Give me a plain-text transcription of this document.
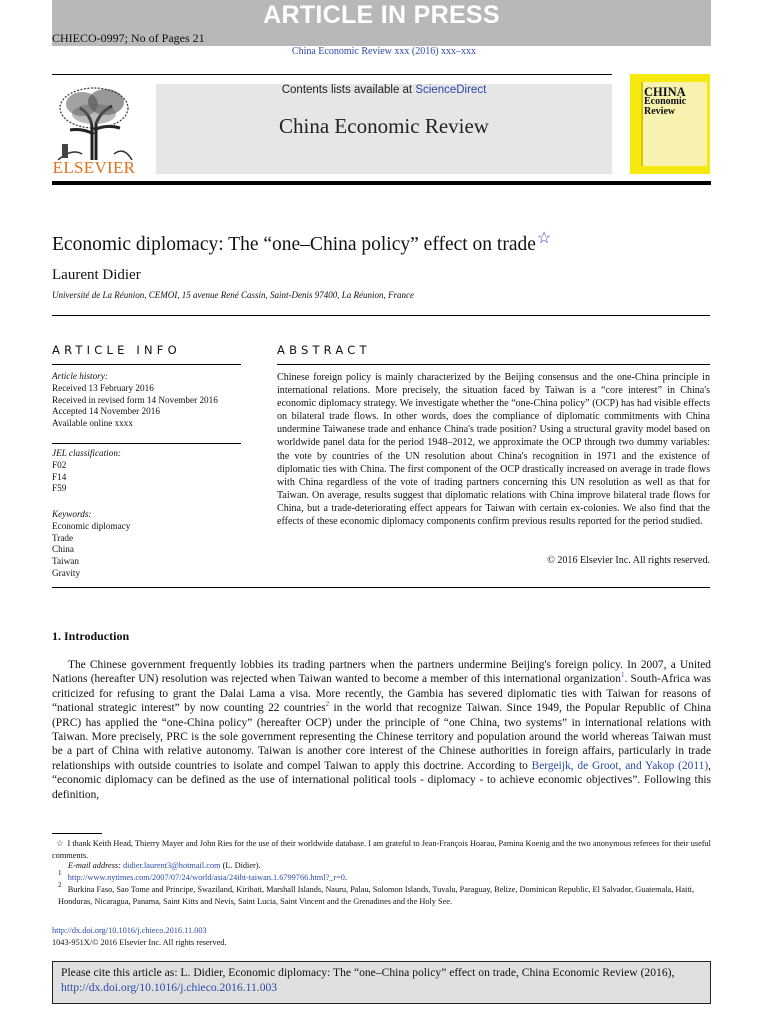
ARTICLE IN PRESS
CHIECO-0997; No of Pages 21
China Economic Review xxx (2016) xxx–xxx
ELSEVIER
Contents lists available at ScienceDirect
China Economic Review
CHINA
Economic
Review
Economic diplomacy: The “one–China policy” effect on trade☆
Laurent Didier
Université de La Réunion, CEMOI, 15 avenue René Cassin, Saint-Denis 97400, La Réunion, France
ARTICLE INFO	ABSTRACT
Article history:
Received 13 February 2016
Received in revised form 14 November 2016
Accepted 14 November 2016
Available online xxxx
JEL classification:
F02
F14
F59
Keywords:
Economic diplomacy
Trade
China
Taiwan
Gravity
Chinese foreign policy is mainly characterized by the Beijing consensus and the one-China principle in international relations. More precisely, the situation faced by Taiwan is a “core interest” in China's economic diplomacy strategy. We investigate whether the “one-China policy” (OCP) has had visible effects on bilateral trade flows. In other words, does the compliance of diplomatic commitments with China undermine Taiwanese trade and enhance China's trade position? Using a structural gravity model based on worldwide panel data for the period 1948–2012, we approximate the OCP through two dummy variables: the vote by countries of the UN resolution about China's recognition in 1971 and the existence of diplomatic ties with China. The first component of the OCP drastically increased on average in trade flows with China regardless of the vote of trading partners concerning this UN resolution as well as that for Taiwan. On average, results suggest that diplomatic relations with China improve bilateral trade flows for China, but a trade-deteriorating effect appears for Taiwan with certain ex-colonies. We also find that the effects of these economic diplomacy components confirm previous results reported for the period studied.
© 2016 Elsevier Inc. All rights reserved.
1. Introduction
The Chinese government frequently lobbies its trading partners when the partners undermine Beijing's foreign policy. In 2007, a United Nations (hereafter UN) resolution was rejected when Taiwan wanted to become a member of this international organization$^1$. South-Africa was criticized for refusing to grant the Dalai Lama a visa. More recently, the Gambia has severed diplomatic ties with Taiwan for reasons of “national strategic interest” by now counting 22 countries$^2$ in the world that recognize Taiwan. Since 1949, the Popular Republic of China (PRC) has applied the “one-China policy” (hereafter OCP) under the principle of “one China, two systems” in international relations with Taiwan. More precisely, PRC is the sole government representing the Chinese territory and population around the world whereas Taiwan must be a part of China with relative autonomy. Taiwan is another core interest of the Chinese authorities in foreign affairs, particularly in trade relationships with outside countries to isolate and compel Taiwan to apply this doctrine. According to Bergeijk, de Groot, and Yakop (2011), “economic diplomacy can be defined as the use of international political tools - diplomacy - to achieve economic objectives”. Following this definition,
☆ I thank Keith Head, Thierry Mayer and John Ries for the use of their worldwide database. I am grateful to Jean-François Hoarau, Pamina Koenig and the two anonymous referees for their useful comments.
E-mail address: didier.laurent3@hotmail.com (L. Didier).
$^1$ http://www.nytimes.com/2007/07/24/world/asia/24iht-taiwan.1.6799766.html?_r=0.
$^2$ Burkina Faso, Sao Tome and Principe, Swaziland, Kiribati, Marshall Islands, Nauru, Palau, Solomon Islands, Tuvalu, Paraguay, Belize, Dominican Republic, El Salvador, Guatemala, Haiti, Honduras, Nicaragua, Panama, Saint Kitts and Nevis, Saint Lucia, Saint Vincent and the Grenadines and the Holy See.
http://dx.doi.org/10.1016/j.chieco.2016.11.003
1043-951X/© 2016 Elsevier Inc. All rights reserved.
Please cite this article as: L. Didier, Economic diplomacy: The “one–China policy” effect on trade, China Economic Review (2016), http://dx.doi.org/10.1016/j.chieco.2016.11.003
